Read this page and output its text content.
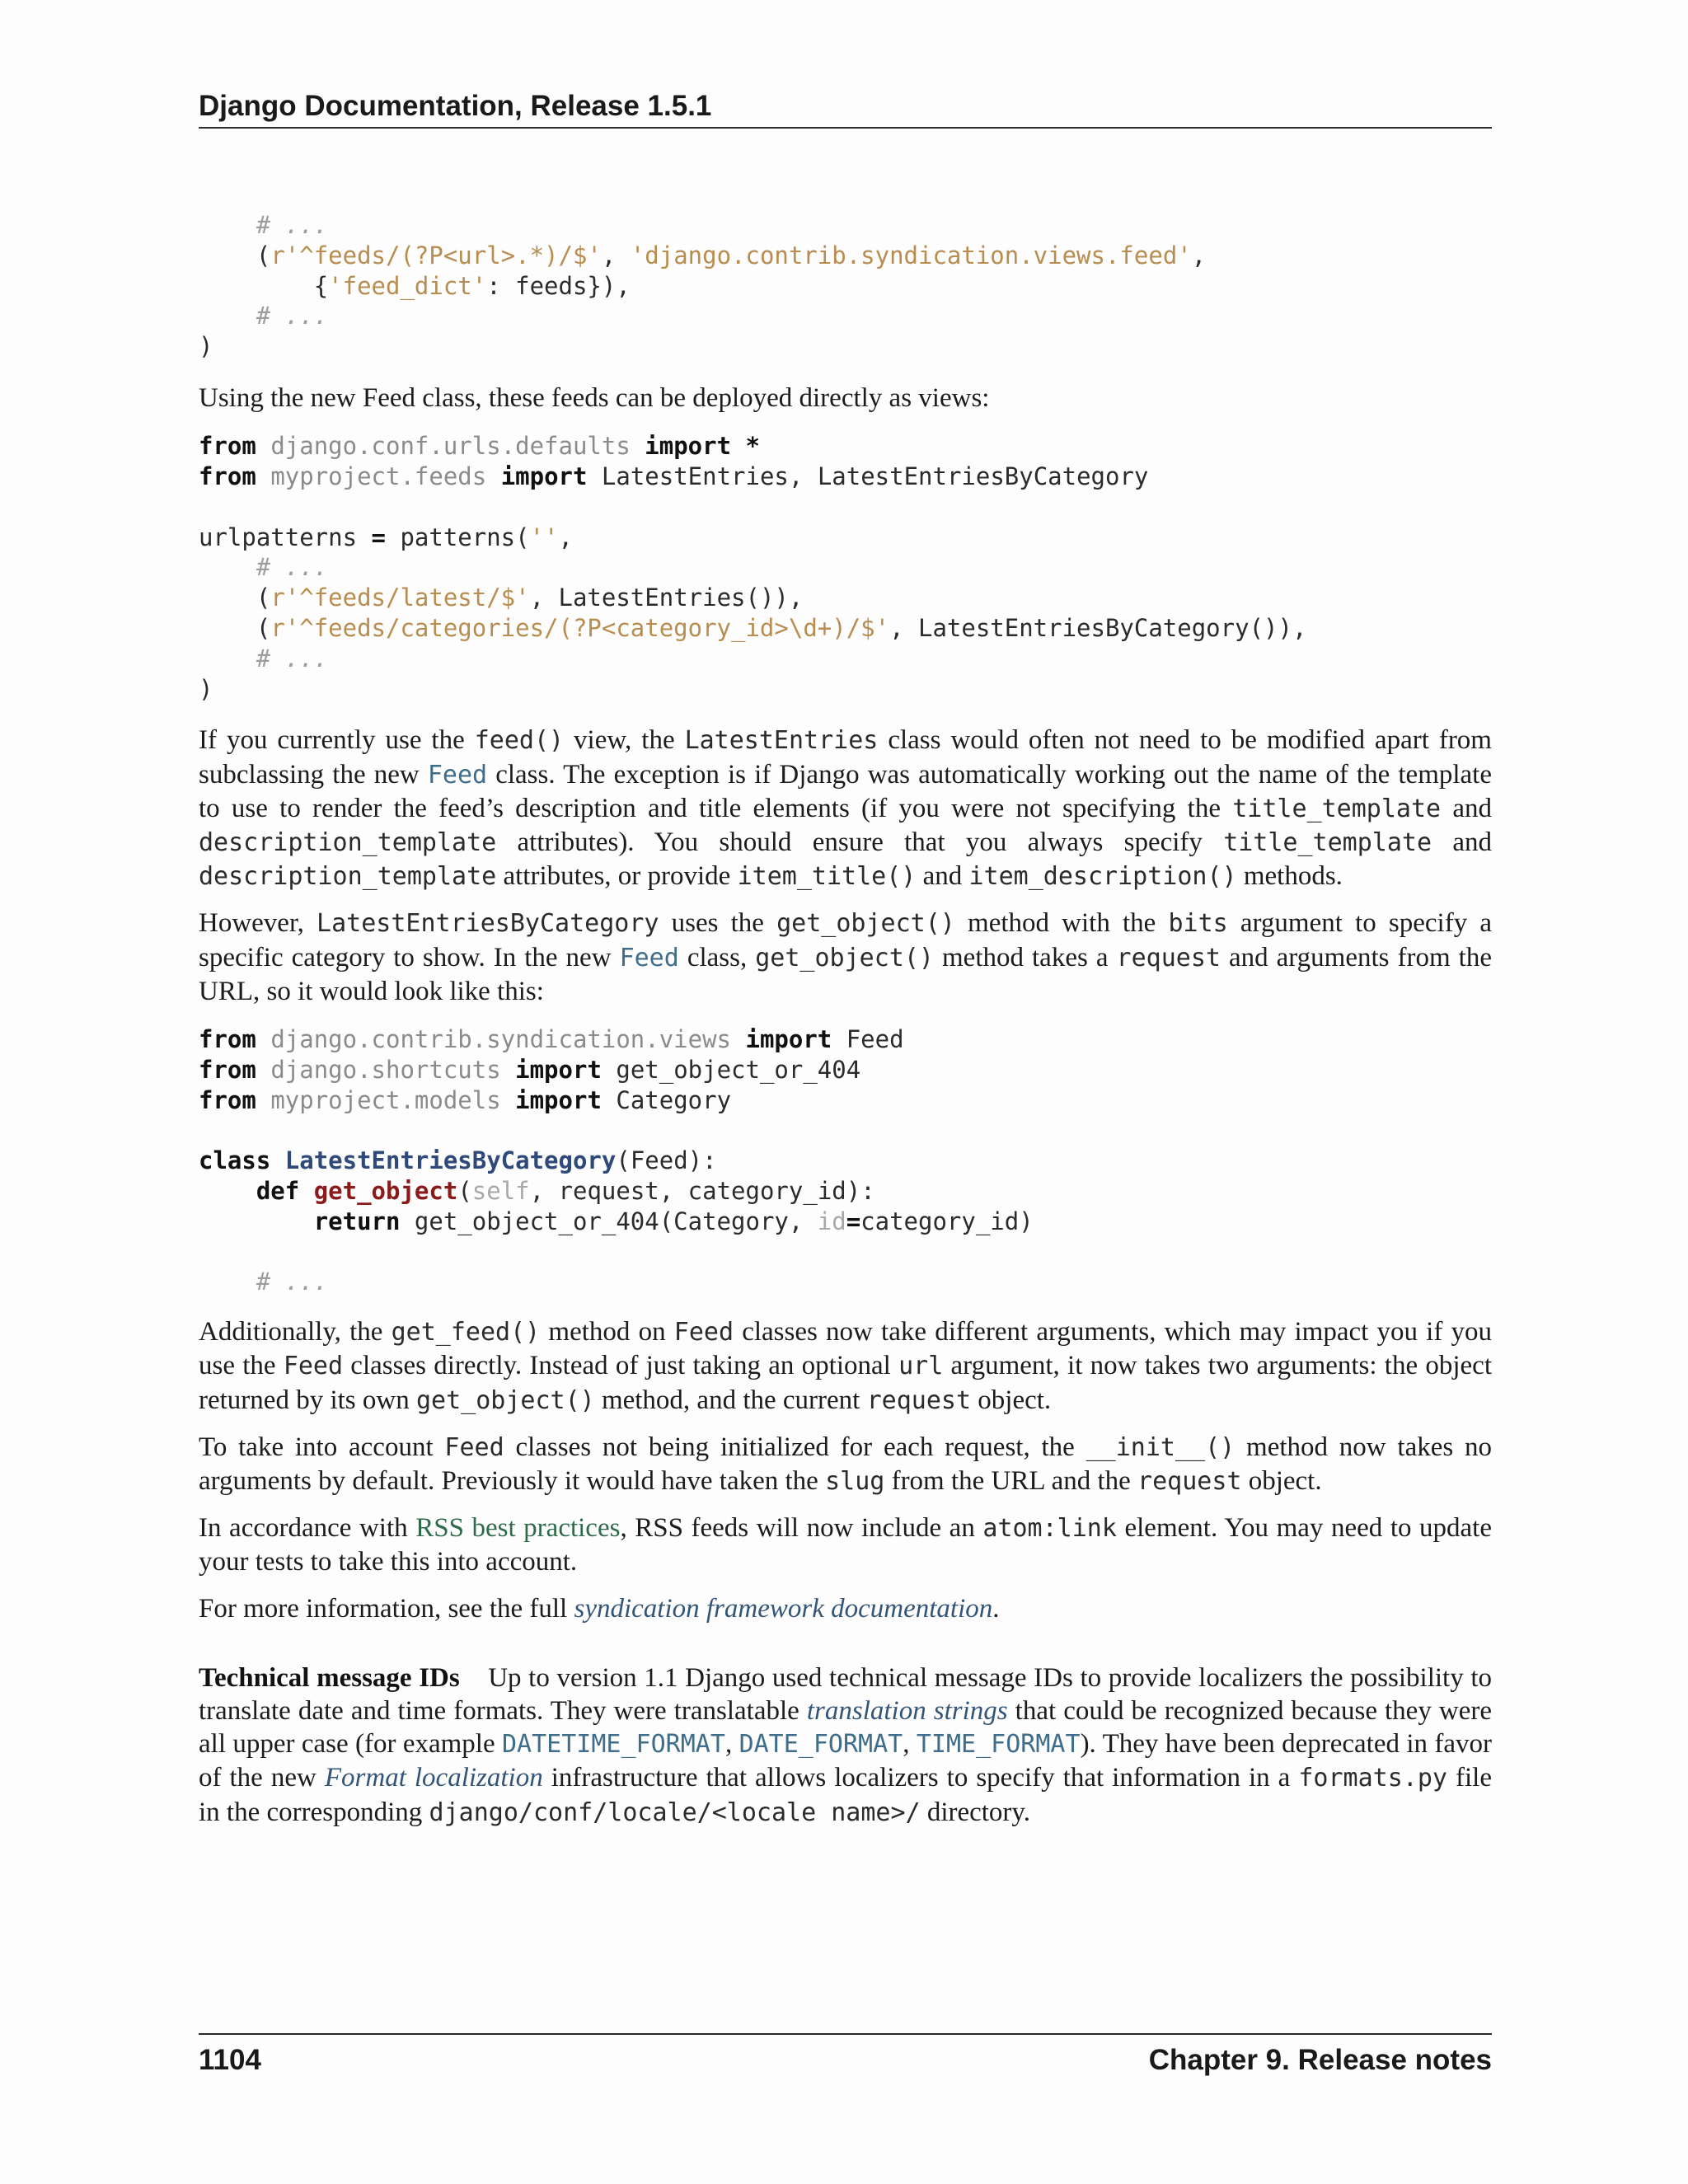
Django Documentation, Release 1.5.1
# ...
(r'^feeds/(?P<url>.*)/$', 'django.contrib.syndication.views.feed',
{'feed_dict': feeds}),
# ...
)

Using the new Feed class, these feeds can be deployed directly as views:

from django.conf.urls.defaults import *
from myproject.feeds import LatestEntries, LatestEntriesByCategory

urlpatterns = patterns('',
# ...
(r'^feeds/latest/$', LatestEntries()),
(r'^feeds/categories/(?P<category_id>\d+)/$', LatestEntriesByCategory()),
# ...
)

If you currently use the feed() view, the LatestEntries class would often not need to be modified apart from subclassing the new Feed class. The exception is if Django was automatically working out the name of the template to use to render the feed’s description and title elements (if you were not specifying the title_template and description_template attributes). You should ensure that you always specify title_template and description_template attributes, or provide item_title() and item_description() methods.

However, LatestEntriesByCategory uses the get_object() method with the bits argument to specify a specific category to show. In the new Feed class, get_object() method takes a request and arguments from the URL, so it would look like this:

from django.contrib.syndication.views import Feed
from django.shortcuts import get_object_or_404
from myproject.models import Category

class LatestEntriesByCategory(Feed):
def get_object(self, request, category_id):
return get_object_or_404(Category, id=category_id)

# ...

Additionally, the get_feed() method on Feed classes now take different arguments, which may impact you if you use the Feed classes directly. Instead of just taking an optional url argument, it now takes two arguments: the object returned by its own get_object() method, and the current request object.

To take into account Feed classes not being initialized for each request, the __init__() method now takes no arguments by default. Previously it would have taken the slug from the URL and the request object.

In accordance with RSS best practices, RSS feeds will now include an atom:link element. You may need to update your tests to take this into account.

For more information, see the full syndication framework documentation.

Technical message IDs    Up to version 1.1 Django used technical message IDs to provide localizers the possibility to translate date and time formats. They were translatable translation strings that could be recognized because they were all upper case (for example DATETIME_FORMAT, DATE_FORMAT, TIME_FORMAT). They have been deprecated in favor of the new Format localization infrastructure that allows localizers to specify that information in a formats.py file in the corresponding django/conf/locale/<locale name>/ directory.

1104	Chapter 9. Release notes
